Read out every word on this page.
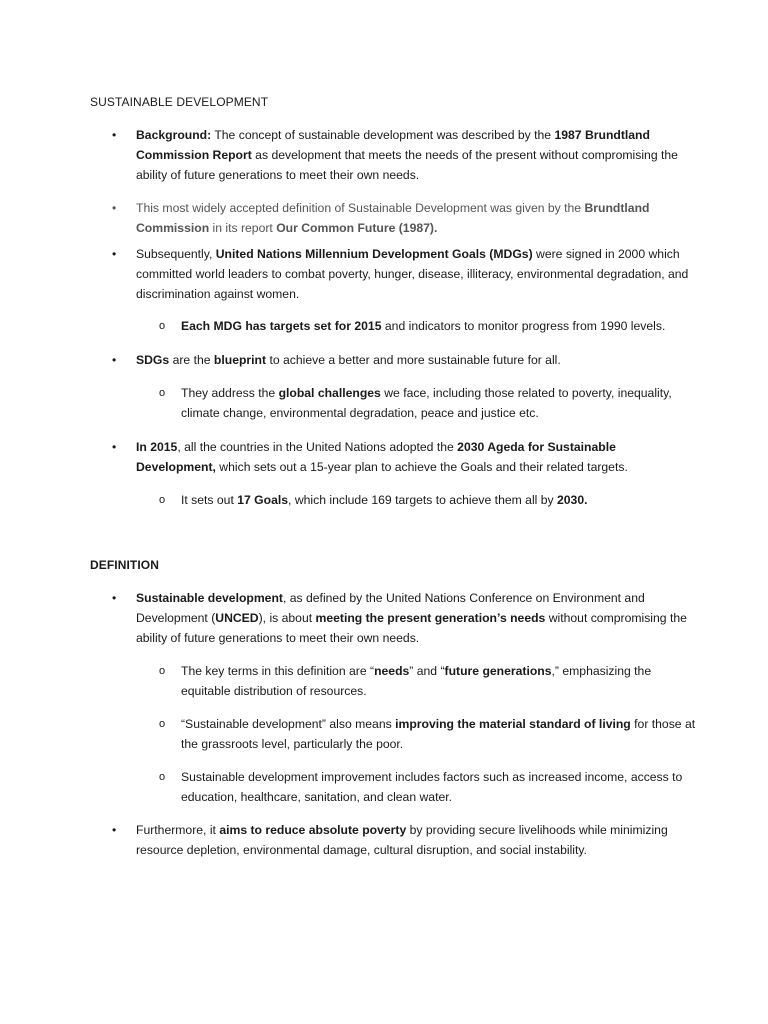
SUSTAINABLE DEVELOPMENT
• Background: The concept of sustainable development was described by the 1987 Brundtland Commission Report as development that meets the needs of the present without compromising the ability of future generations to meet their own needs.
• This most widely accepted definition of Sustainable Development was given by the Brundtland Commission in its report Our Common Future (1987).
• Subsequently, United Nations Millennium Development Goals (MDGs) were signed in 2000 which committed world leaders to combat poverty, hunger, disease, illiteracy, environmental degradation, and discrimination against women.
o Each MDG has targets set for 2015 and indicators to monitor progress from 1990 levels.
• SDGs are the blueprint to achieve a better and more sustainable future for all.
o They address the global challenges we face, including those related to poverty, inequality, climate change, environmental degradation, peace and justice etc.
• In 2015, all the countries in the United Nations adopted the 2030 Ageda for Sustainable Development, which sets out a 15-year plan to achieve the Goals and their related targets.
o It sets out 17 Goals, which include 169 targets to achieve them all by 2030.
DEFINITION
• Sustainable development, as defined by the United Nations Conference on Environment and Development (UNCED), is about meeting the present generation’s needs without compromising the ability of future generations to meet their own needs.
o The key terms in this definition are “needs” and “future generations,” emphasizing the equitable distribution of resources.
o “Sustainable development” also means improving the material standard of living for those at the grassroots level, particularly the poor.
o Sustainable development improvement includes factors such as increased income, access to education, healthcare, sanitation, and clean water.
• Furthermore, it aims to reduce absolute poverty by providing secure livelihoods while minimizing resource depletion, environmental damage, cultural disruption, and social instability.
